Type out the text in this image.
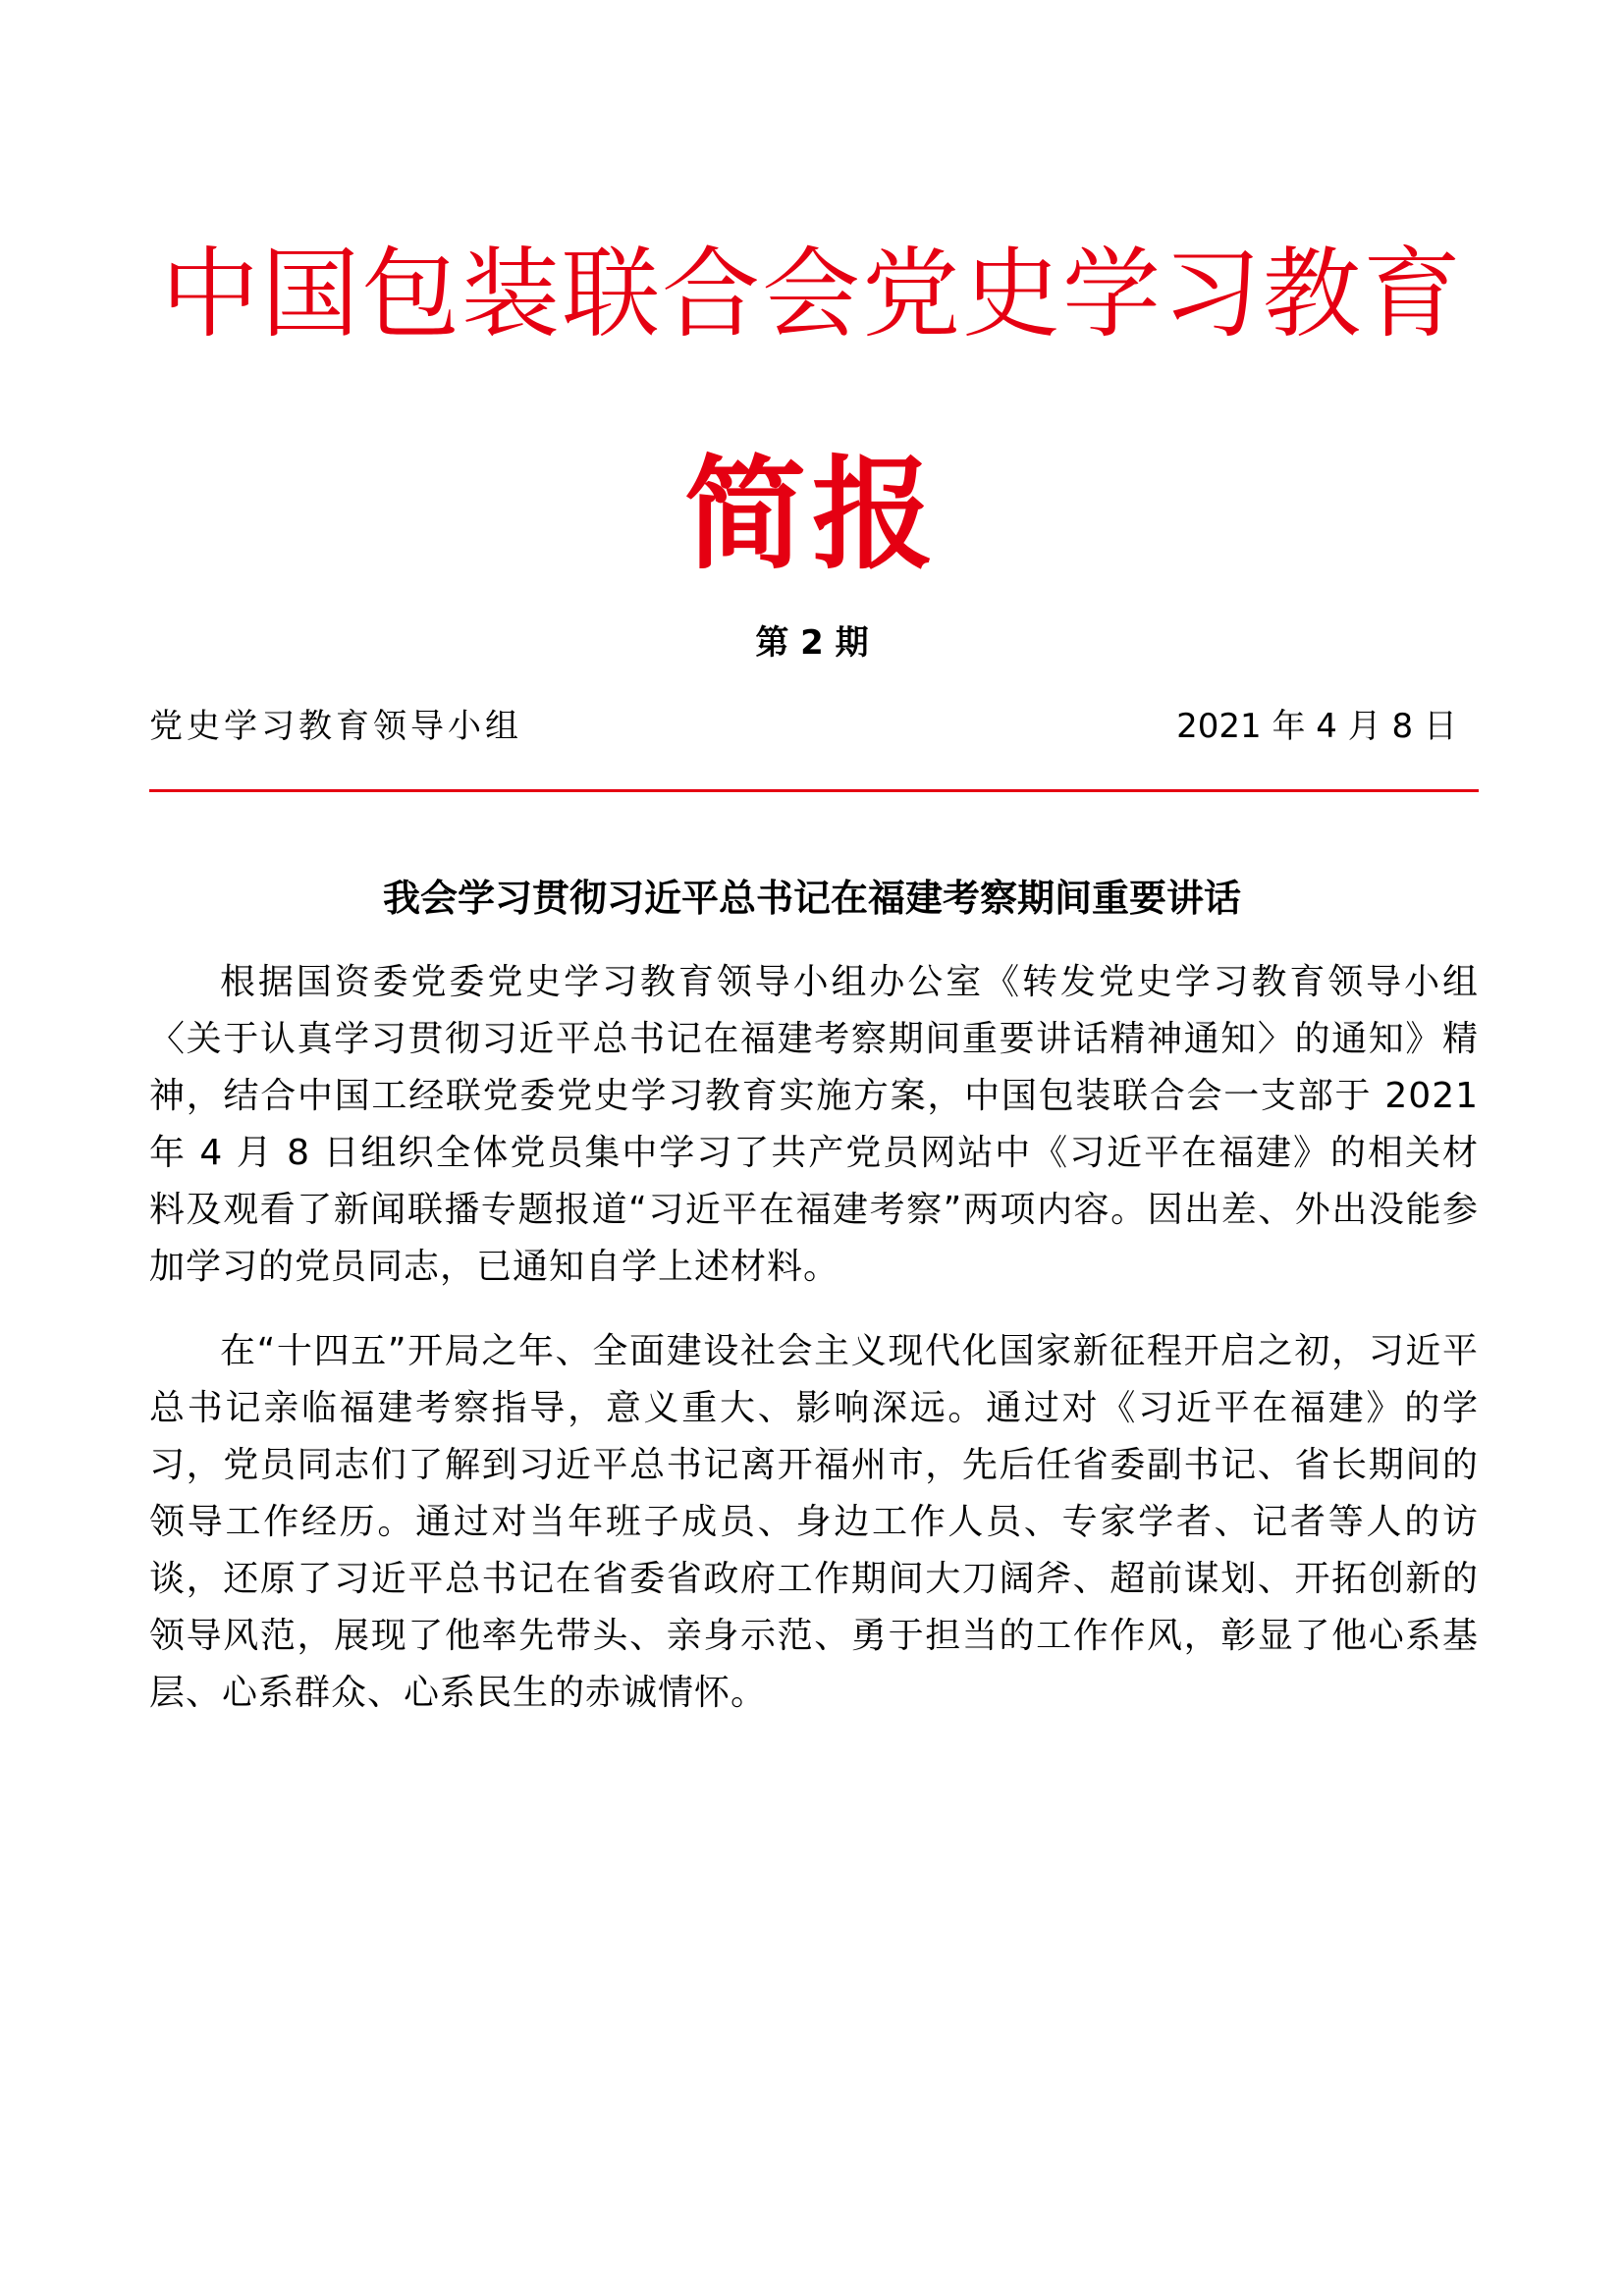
中国包装联合会党史学习教育
简报
第 2 期
党史学习教育领导小组	2021 年 4 月 8 日
我会学习贯彻习近平总书记在福建考察期间重要讲话

根据国资委党委党史学习教育领导小组办公室《转发党史学习教育领导小组〈关于认真学习贯彻习近平总书记在福建考察期间重要讲话精神通知〉的通知》精神，结合中国工经联党委党史学习教育实施方案，中国包装联合会一支部于 2021 年 4 月 8 日组织全体党员集中学习了共产党员网站中《习近平在福建》的相关材料及观看了新闻联播专题报道“习近平在福建考察”两项内容。因出差、外出没能参加学习的党员同志，已通知自学上述材料。

在“十四五”开局之年、全面建设社会主义现代化国家新征程开启之初，习近平总书记亲临福建考察指导，意义重大、影响深远。通过对《习近平在福建》的学习，党员同志们了解到习近平总书记离开福州市，先后任省委副书记、省长期间的领导工作经历。通过对当年班子成员、身边工作人员、专家学者、记者等人的访谈，还原了习近平总书记在省委省政府工作期间大刀阔斧、超前谋划、开拓创新的领导风范，展现了他率先带头、亲身示范、勇于担当的工作作风，彰显了他心系基层、心系群众、心系民生的赤诚情怀。
